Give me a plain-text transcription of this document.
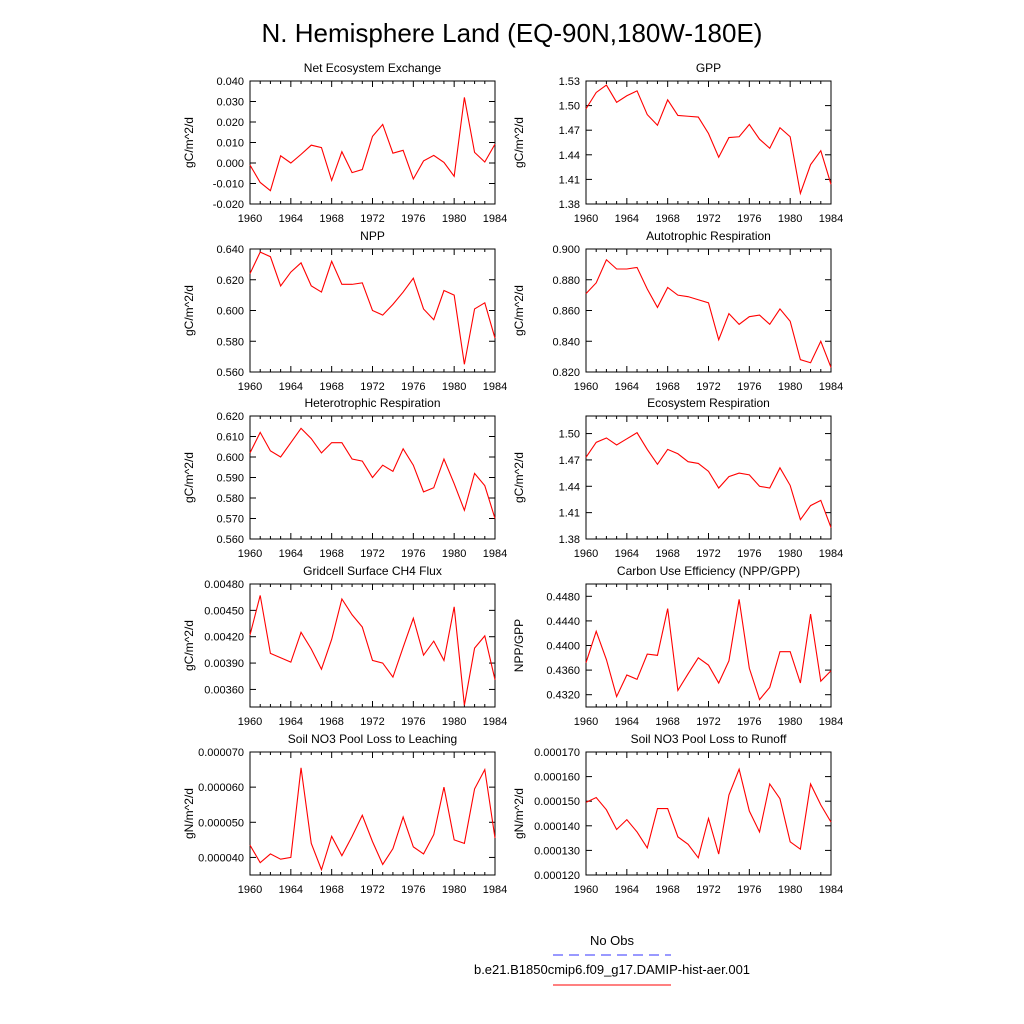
N. Hemisphere Land (EQ-90N,180W-180E)
Net Ecosystem Exchange
1960 1964 1968 1972 1976 1980 1984
-0.020
-0.010
0.000
0.010
0.020
0.030
0.040
gC/m^2/d
GPP
1960 1964 1968 1972 1976 1980 1984
1.38
1.41
1.44
1.47
1.50
1.53
gC/m^2/d
NPP
1960 1964 1968 1972 1976 1980 1984
0.560
0.580
0.600
0.620
0.640
gC/m^2/d
Autotrophic Respiration
1960 1964 1968 1972 1976 1980 1984
0.820
0.840
0.860
0.880
0.900
gC/m^2/d
Heterotrophic Respiration
1960 1964 1968 1972 1976 1980 1984
0.560
0.570
0.580
0.590
0.600
0.610
0.620
gC/m^2/d
Ecosystem Respiration
1960 1964 1968 1972 1976 1980 1984
1.38
1.41
1.44
1.47
1.50
gC/m^2/d
Gridcell Surface CH4 Flux
1960 1964 1968 1972 1976 1980 1984
0.00360
0.00390
0.00420
0.00450
0.00480
gC/m^2/d
Carbon Use Efficiency (NPP/GPP)
1960 1964 1968 1972 1976 1980 1984
0.4320
0.4360
0.4400
0.4440
0.4480
NPP/GPP
Soil NO3 Pool Loss to Leaching
1960 1964 1968 1972 1976 1980 1984
0.000040
0.000050
0.000060
0.000070
gN/m^2/d
Soil NO3 Pool Loss to Runoff
1960 1964 1968 1972 1976 1980 1984
0.000120
0.000130
0.000140
0.000150
0.000160
0.000170
gN/m^2/d
No Obs
b.e21.B1850cmip6.f09_g17.DAMIP-hist-aer.001
